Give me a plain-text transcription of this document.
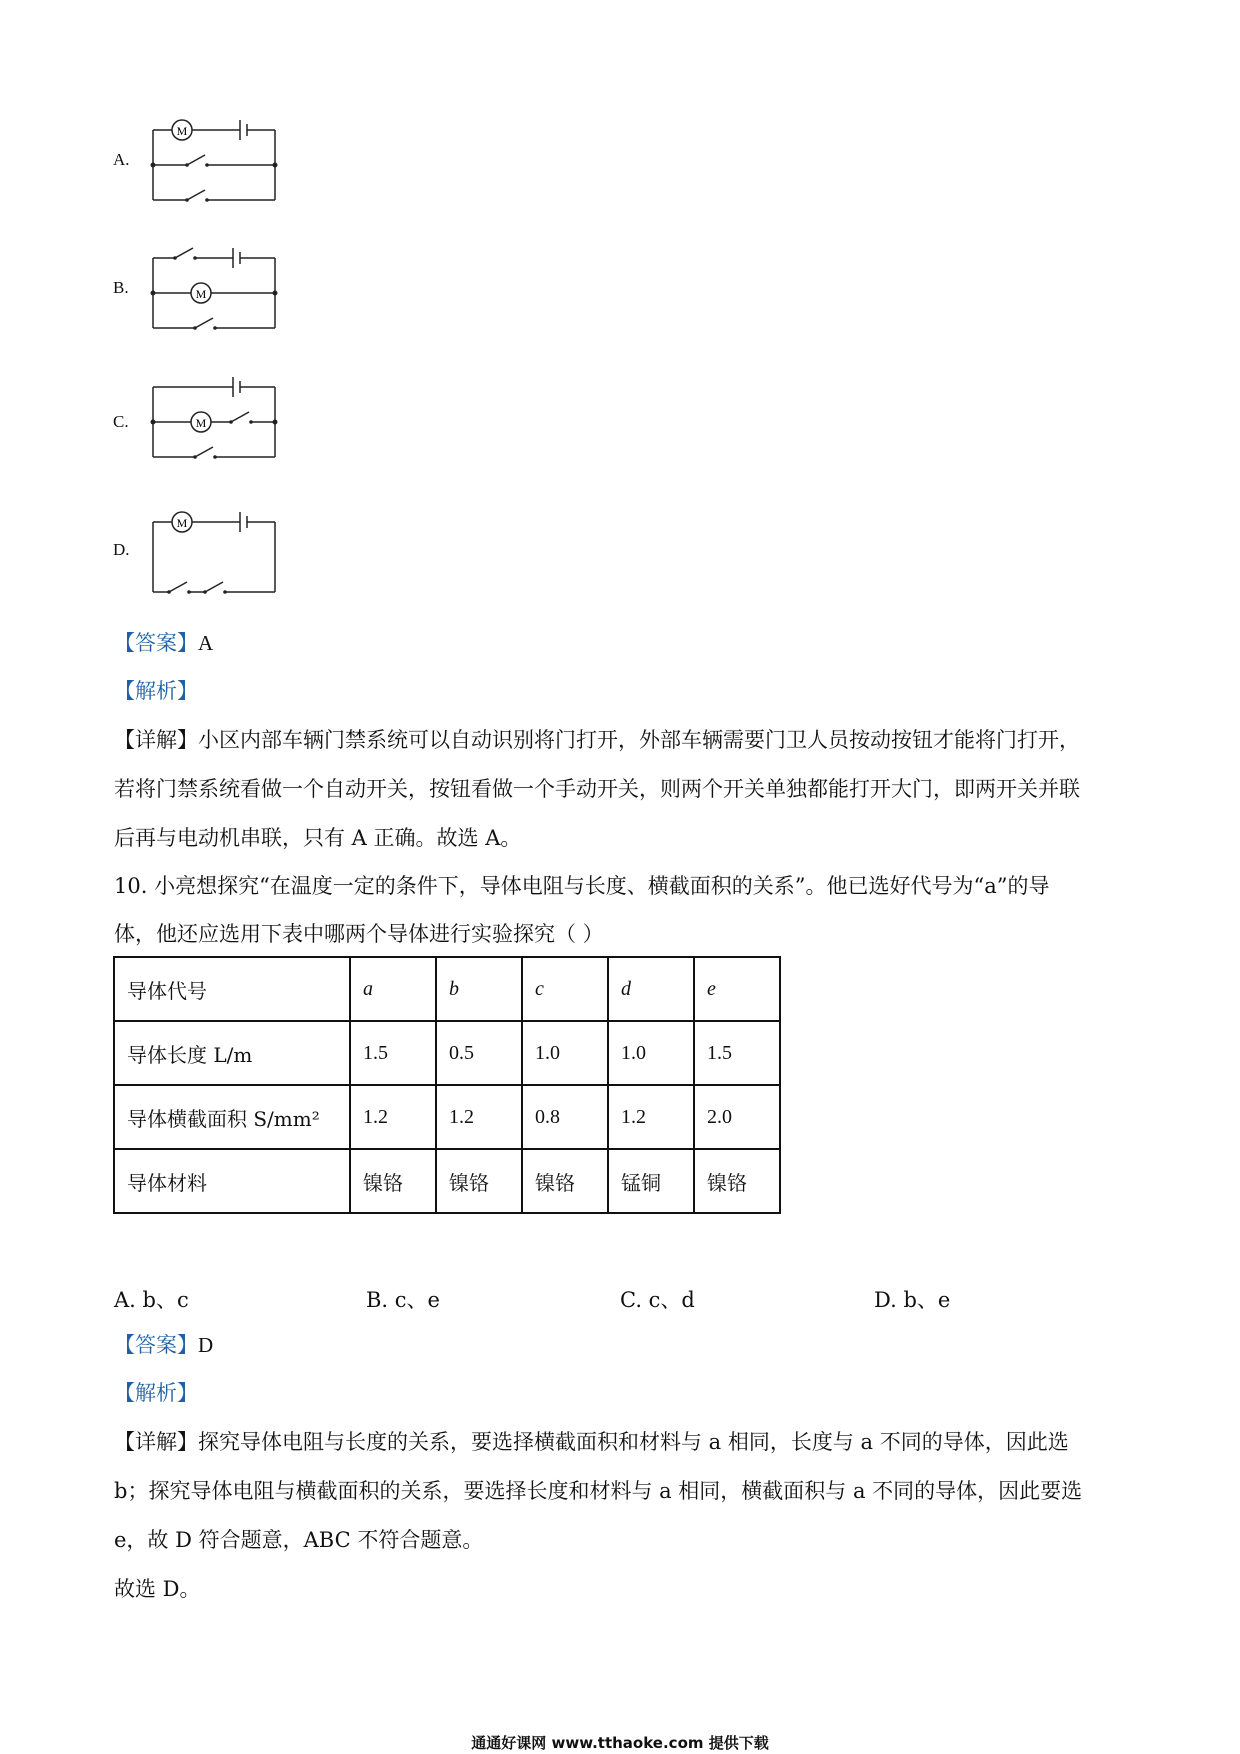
A.
M
B.	M
C.	M
D.
M
【答案】A
【解析】
【详解】小区内部车辆门禁系统可以自动识别将门打开，外部车辆需要门卫人员按动按钮才能将门打开，
若将门禁系统看做一个自动开关，按钮看做一个手动开关，则两个开关单独都能打开大门，即两开关并联
后再与电动机串联，只有 A 正确。故选 A。
10. 小亮想探究“在温度一定的条件下，导体电阻与长度、横截面积的关系”。他已选好代号为“a”的导
体，他还应选用下表中哪两个导体进行实验探究（ ）
导体代号	a	b	c	d	e
导体长度 L/m	1.5	0.5	1.0	1.0	1.5
导体横截面积 S/mm²	1.2	1.2	0.8	1.2	2.0
导体材料	镍铬	镍铬	镍铬	锰铜	镍铬
A. b、c	B. c、e	C. c、d	D. b、e
【答案】D
【解析】
【详解】探究导体电阻与长度的关系，要选择横截面积和材料与 a 相同，长度与 a 不同的导体，因此选
b；探究导体电阻与横截面积的关系，要选择长度和材料与 a 相同，横截面积与 a 不同的导体，因此要选
e，故 D 符合题意，ABC 不符合题意。
故选 D。
通通好课网 www.tthaoke.com 提供下载
